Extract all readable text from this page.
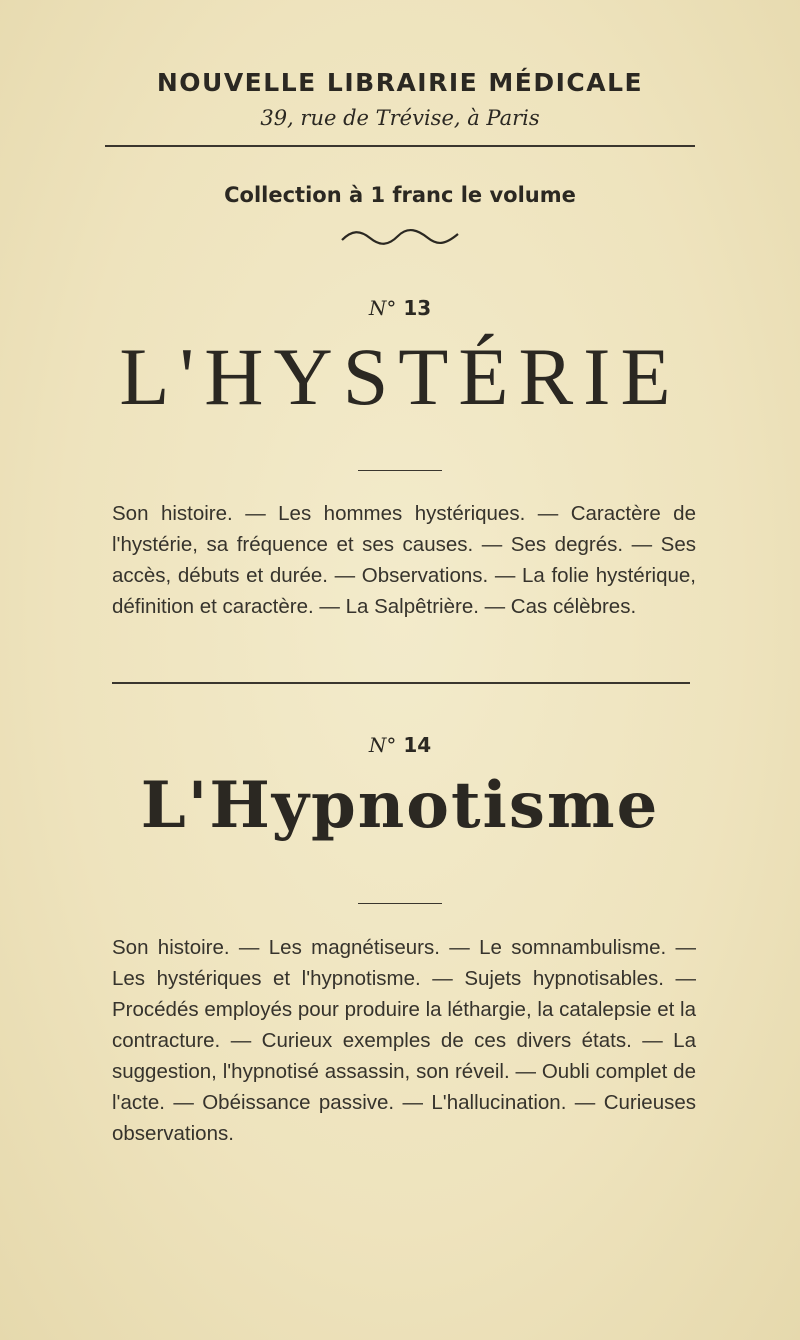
NOUVELLE LIBRAIRIE MÉDICALE
39, rue de Trévise, à Paris
Collection à 1 franc le volume
N° 13
L'HYSTÉRIE
Son histoire. — Les hommes hystériques. — Caractère de l'hystérie, sa fréquence et ses causes. — Ses degrés. — Ses accès, débuts et durée. — Observations. — La folie hystérique, définition et caractère. — La Salpêtrière. — Cas célèbres.
N° 14
L'Hypnotisme
Son histoire. — Les magnétiseurs. — Le somnambulisme. — Les hystériques et l'hypnotisme. — Sujets hypnotisables. — Procédés employés pour produire la léthargie, la catalepsie et la contracture. — Curieux exemples de ces divers états. — La suggestion, l'hypnotisé assassin, son réveil. — Oubli complet de l'acte. — Obéissance passive. — L'hallucination. — Curieuses observations.
